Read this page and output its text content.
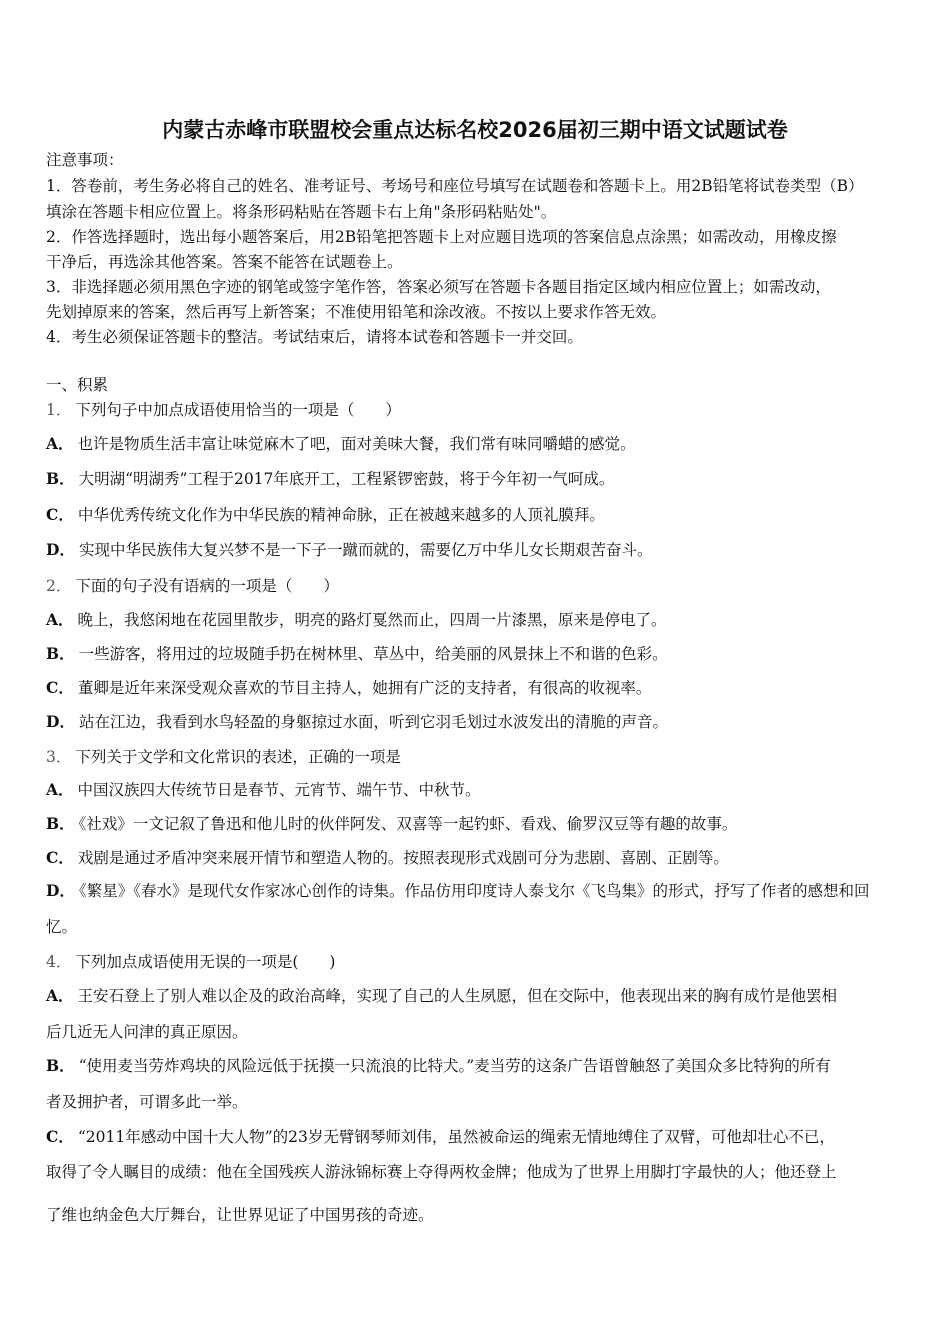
内蒙古赤峰市联盟校会重点达标名校2026届初三期中语文试题试卷
注意事项：
1．答卷前，考生务必将自己的姓名、准考证号、考场号和座位号填写在试题卷和答题卡上。用2B铅笔将试卷类型（B）
填涂在答题卡相应位置上。将条形码粘贴在答题卡右上角"条形码粘贴处"。
2．作答选择题时，选出每小题答案后，用2B铅笔把答题卡上对应题目选项的答案信息点涂黑；如需改动，用橡皮擦
干净后，再选涂其他答案。答案不能答在试题卷上。
3．非选择题必须用黑色字迹的钢笔或签字笔作答，答案必须写在答题卡各题目指定区域内相应位置上；如需改动，
先划掉原来的答案，然后再写上新答案；不准使用铅笔和涂改液。不按以上要求作答无效。
4．考生必须保证答题卡的整洁。考试结束后，请将本试卷和答题卡一并交回。
一、积累
1． 下列句子中加点成语使用恰当的一项是（　　）
A． 也许是物质生活丰富让味觉麻木了吧，面对美味大餐，我们常有味同嚼蜡的感觉。
B． 大明湖“明湖秀”工程于2017年底开工，工程紧锣密鼓，将于今年初一气呵成。
C． 中华优秀传统文化作为中华民族的精神命脉，正在被越来越多的人顶礼膜拜。
D． 实现中华民族伟大复兴梦不是一下子一蹴而就的，需要亿万中华儿女长期艰苦奋斗。
2． 下面的句子没有语病的一项是（　　）
A． 晚上，我悠闲地在花园里散步，明亮的路灯戛然而止，四周一片漆黑，原来是停电了。
B． 一些游客，将用过的垃圾随手扔在树林里、草丛中，给美丽的风景抹上不和谐的色彩。
C． 董卿是近年来深受观众喜欢的节目主持人，她拥有广泛的支持者，有很高的收视率。
D． 站在江边，我看到水鸟轻盈的身躯掠过水面，听到它羽毛划过水波发出的清脆的声音。
3． 下列关于文学和文化常识的表述，正确的一项是
A． 中国汉族四大传统节日是春节、元宵节、端午节、中秋节。
B． 《社戏》一文记叙了鲁迅和他儿时的伙伴阿发、双喜等一起钓虾、看戏、偷罗汉豆等有趣的故事。
C． 戏剧是通过矛盾冲突来展开情节和塑造人物的。按照表现形式戏剧可分为悲剧、喜剧、正剧等。
D． 《繁星》《春水》是现代女作家冰心创作的诗集。作品仿用印度诗人泰戈尔《飞鸟集》的形式，抒写了作者的感想和回
忆。
4． 下列加点成语使用无误的一项是(　　)
A． 王安石登上了别人难以企及的政治高峰，实现了自己的人生夙愿，但在交际中，他表现出来的胸有成竹是他罢相
后几近无人问津的真正原因。
B． “使用麦当劳炸鸡块的风险远低于抚摸一只流浪的比特犬。”麦当劳的这条广告语曾触怒了美国众多比特狗的所有
者及拥护者，可谓多此一举。
C． “2011年感动中国十大人物”的23岁无臂钢琴师刘伟，虽然被命运的绳索无情地缚住了双臂，可他却壮心不已，
取得了令人瞩目的成绩：他在全国残疾人游泳锦标赛上夺得两枚金牌；他成为了世界上用脚打字最快的人；他还登上
了维也纳金色大厅舞台，让世界见证了中国男孩的奇迹。
